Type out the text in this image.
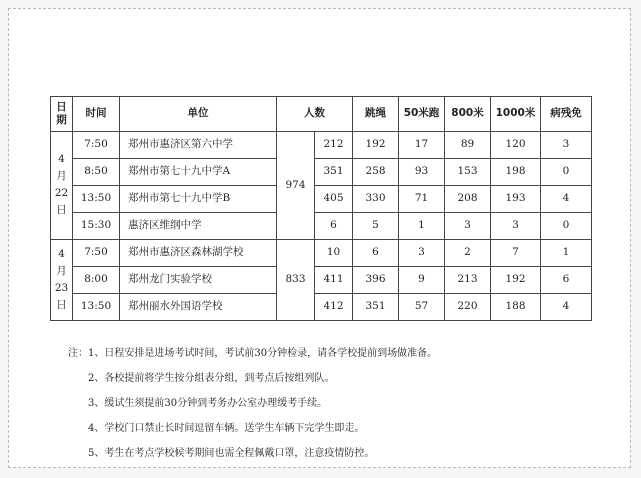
日期	时间	单位	人数		跳绳	50米跑	800米	1000米	病残免

4
月
22
日	7:50	郑州市惠济区第六中学	974	212	192	17	89	120	3
	8:50	郑州市第七十九中学A		351	258	93	153	198	0
	13:50	郑州市第七十九中学B		405	330	71	208	193	4
	15:30	惠济区维纲中学		6	5	1	3	3	0

4
月
23
日	7:50	郑州市惠济区森林湖学校	833	10	6	3	2	7	1
	8:00	郑州龙门实验学校		411	396	9	213	192	6
	13:50	郑州丽水外国语学校		412	351	57	220	188	4
注：1、日程安排是进场考试时间，考试前30分钟检录，请各学校提前到场做准备。
2、各校提前将学生按分组表分组，到考点后按组列队。
3、缓试生须提前30分钟到考务办公室办理缓考手续。
4、学校门口禁止长时间逗留车辆。送学生车辆下完学生即走。
5、考生在考点学校候考期间也需全程佩戴口罩，注意疫情防控。
